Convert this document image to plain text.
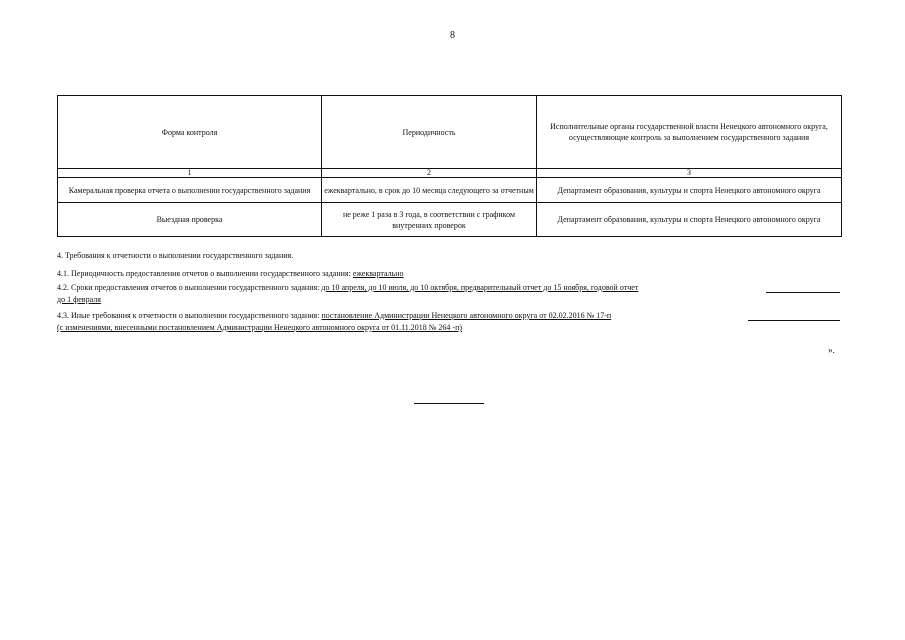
8
Форма контроля	Периодичность	Исполнительные органы государственной власти Ненецкого автономного округа, осуществляющие контроль за выполнением государственного задания
1	2	3
Камеральная проверка отчета о выполнении государственного задания	ежеквартально, в срок до 10 месяца следующего за отчетным	Департамент образования, культуры и спорта Ненецкого автономного округа
Выездная проверка	не реже 1 раза в 3 года, в соответствии с графиком внутренних проверок	Департамент образования, культуры и спорта Ненецкого автономного округа
4. Требования к отчетности о выполнении государственного задания.
4.1. Периодичность предоставления отчетов о выполнении государственного задания: ежеквартально
4.2. Сроки предоставления отчетов о выполнении государственного задания: до 10 апреля, до 10 июля, до 10 октября, предварительный отчет до 15 ноября, годовой отчет
до 1 февраля
4.3. Иные требования к отчетности о выполнении государственного задания: постановление Администрации Ненецкого автономного округа от 02.02.2016 № 17-п
(с изменениями, внесенными постановлением Администрации Ненецкого автономного округа от 01.11.2018 № 264 -п)
».
